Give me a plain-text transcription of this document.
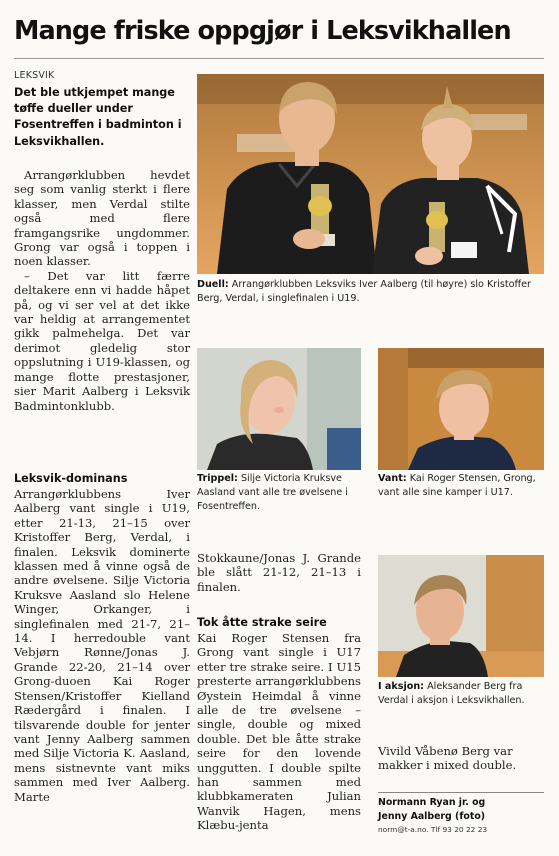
Mange friske oppgjør i Leksvikhallen
LEKSVIK
Det ble utkjempet mange tøffe dueller under Fosentreffen i badminton i Leksvikhallen.

Arrangørklubben hevdet seg som vanlig sterkt i flere klasser, men Verdal stilte også med flere framgangsrike ungdommer. Grong var også i toppen i noen klasser.

– Det var litt færre deltakere enn vi hadde håpet på, og vi ser vel at det ikke var heldig at arrangementet gikk palmehelga. Det var derimot gledelig stor oppslutning i U19-klassen, og mange flotte prestasjoner, sier Marit Aalberg i Leksvik Badmintonklubb.

Leksvik-dominans

Arrangørklubbens Iver Aalberg vant single i U19, etter 21-13, 21–15 over Kristoffer Berg, Verdal, i finalen. Leksvik dominerte klassen med å vinne også de andre øvelsene. Silje Victoria Kruksve Aasland slo Helene Winger, Orkanger, i singlefinalen med 21-7, 21–14. I herredouble vant Vebjørn Rønne/Jonas J. Grande 22-20, 21–14 over Grong-duoen Kai Roger Stensen/Kristoffer Kielland Rædergård i finalen. I tilsvarende double for jenter vant Jenny Aalberg sammen med Silje Victoria K. Aasland, mens sistnevnte vant miks sammen med Iver Aalberg. Marte

Duell: Arrangørklubben Leksviks Iver Aalberg (til høyre) slo Kristoffer Berg, Verdal, i singlefinalen i U19.
Trippel: Silje Victoria Kruksve Aasland vant alle tre øvelsene i Fosentreffen.
Vant: Kai Roger Stensen, Grong, vant alle sine kamper i U17.

Stokkaune/Jonas J. Grande ble slått 21-12, 21–13 i finalen.

Tok åtte strake seire

Kai Roger Stensen fra Grong vant single i U17 etter tre strake seire. I U15 presterte arrangørklubbens Øystein Heimdal å vinne alle de tre øvelsene – single, double og mixed double. Det ble åtte strake seire for den lovende unggutten. I double spilte han sammen med klubbkameraten Julian Wanvik Hagen, mens Klæbu-jenta

I aksjon: Aleksander Berg fra Verdal i aksjon i Leksvikhallen.

Vivild Våbenø Berg var makker i mixed double.

Normann Ryan jr. og
Jenny Aalberg (foto)
norm@t-a.no. Tlf 93 20 22 23
